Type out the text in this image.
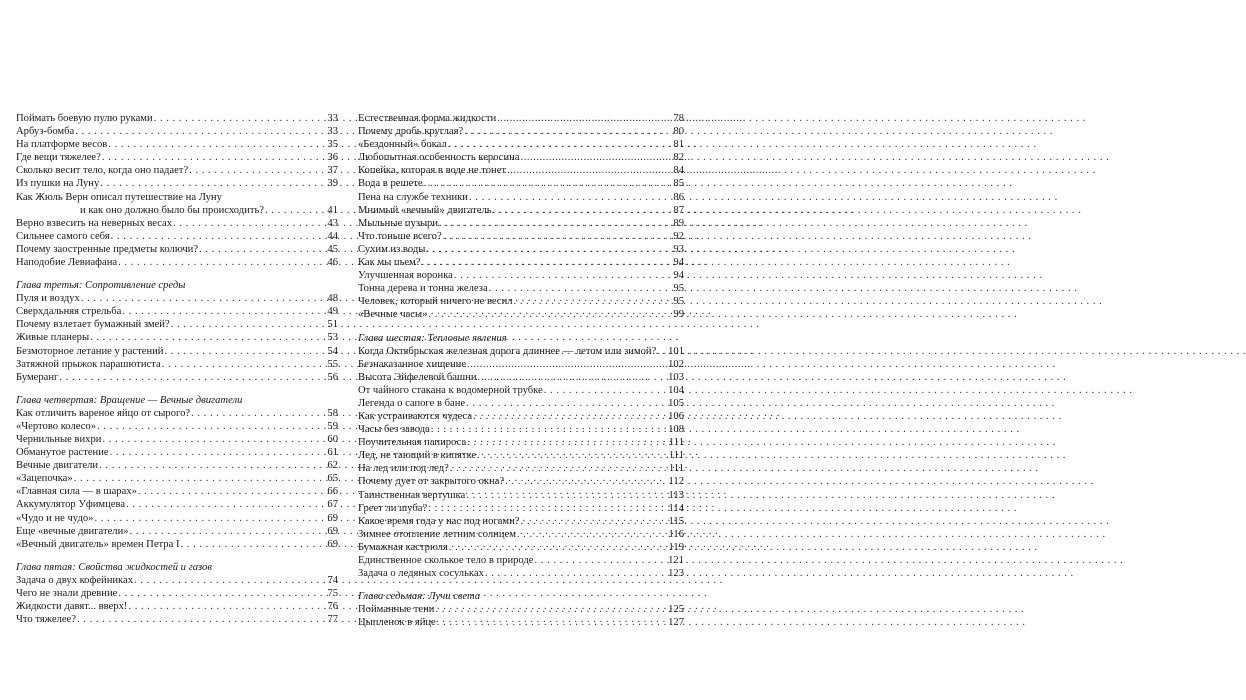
Поймать боевую пулю руками . . .	33
Арбуз-бомба . . .	33
На платформе весов . . .	35
Где вещи тяжелее? . . .	36
Сколько весит тело, когда оно падает? . . .	37
Из пушки на Луну . . .	39
Как Жюль Верн описал путешествие на Луну
и как оно должно было бы происходить? . . .	41
Верно взвесить на неверных весах . . .	43
Сильнее самого себя . . .	44
Почему заостренные предметы колючи? . . .	45
Наподобие Левиафана . . .	46
Глава третья: Сопротивление среды
Пуля и воздух . . .	48
Сверхдальняя стрельба . . .	49
Почему взлетает бумажный змей? . . .	51
Живые планеры . . .	53
Безмоторное летание у растений . . .	54
Затяжной прыжок парашютиста . . .	55
Бумеранг . . .	56
Глава четвертая: Вращение — Вечные двигатели
Как отличить вареное яйцо от сырого? . . .	58
«Чертово колесо» . . .	59
Чернильные вихри . . .	60
Обманутое растение . . .	61
Вечные двигатели . . .	62
«Зацепочка» . . .	65
«Главная сила — в шарах» . . .	66
Аккумулятор Уфимцева . . .	67
«Чудо и не чудо» . . .	69
Еще «вечные двигатели» . . .	69
«Вечный двигатель» времен Петра I . . .	69
Глава пятая: Свойства жидкостей и газов
Задача о двух кофейниках . . .	74
Чего не знали древние . . .	75
Жидкости давят... вверх! . . .	76
Что тяжелее? . . .	77
Естественная форма жидкости . . .	78
Почему дробь круглая? . . .	80
«Бездонный» бокал . . .	81
Любопытная особенность керосина . . .	82
Копейка, которая в воде не тонет . . .	84
Вода в решете . . .	85
Пена на службе техники . . .	86
Мнимый «вечный» двигатель . . .	87
Мыльные пузыри . . .	89
Что тоньше всего? . . .	92
Сухим из воды . . .	93
Как мы пьем? . . .	94
Улучшенная воронка . . .	94
Тонна дерева и тонна железа . . .	95
Человек, который ничего не весил . . .	95
«Вечные часы» . . .	99
Глава шестая: Тепловые явления
Когда Октябрьская железная дорога длиннее — летом или зимой? . . . 101
Безнаказанное хищение . . .	102
Высота Эйфелевой башни . . .	103
От чайного стакана к водомерной трубке . . .	104
Легенда о сапоге в бане . . .	105
Как устраиваются чудеса . . .	106
Часы без завода . . .	108
Поучительная папироса . . .	111
Лед, не тающий в кипятке . . .	111
На лед или под лед? . . .	111
Почему дует от закрытого окна? . . .	112
Таинственная вертушка . . .	113
Греет ли шуба? . . .	114
Какое время года у нас под ногами? . . .	115
Зимнее отопление летним солнцем . . .	116
Бумажная кастрюля . . .	119
Единственное сколькое тело в природе . . .	121
Задача о ледяных сосульках . . .	123
Глава седьмая: Лучи света
Пойманные тени . . .	125
Цыпленок в яйце . . .	127
